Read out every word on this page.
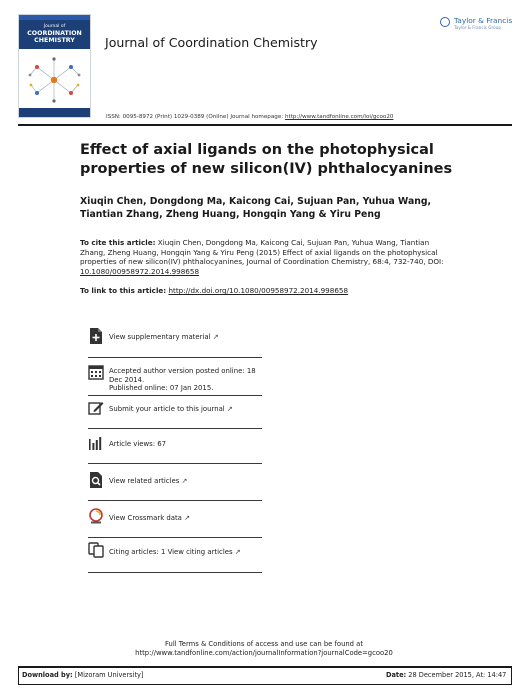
Journal of
COORDINATION CHEMISTRY	Journal of Coordination Chemistry
Taylor & Francis
Taylor & Francis Group
ISSN: 0095-8972 (Print) 1029-0389 (Online) Journal homepage: http://www.tandfonline.com/loi/gcoo20
Effect of axial ligands on the photophysical properties of new silicon(IV) phthalocyanines
Xiuqin Chen, Dongdong Ma, Kaicong Cai, Sujuan Pan, Yuhua Wang, Tiantian Zhang, Zheng Huang, Hongqin Yang & Yiru Peng
To cite this article: Xiuqin Chen, Dongdong Ma, Kaicong Cai, Sujuan Pan, Yuhua Wang, Tiantian Zhang, Zheng Huang, Hongqin Yang & Yiru Peng (2015) Effect of axial ligands on the photophysical properties of new silicon(IV) phthalocyanines, Journal of Coordination Chemistry, 68:4, 732-740, DOI: 10.1080/00958972.2014.998658
To link to this article: http://dx.doi.org/10.1080/00958972.2014.998658
View supplementary material ↗
Accepted author version posted online: 18
Dec 2014.
Published online: 07 Jan 2015.
Submit your article to this journal ↗
Article views: 67
View related articles ↗
View Crossmark data ↗
Citing articles: 1 View citing articles ↗
Full Terms & Conditions of access and use can be found at
http://www.tandfonline.com/action/journalInformation?journalCode=gcoo20
Download by: [Mizoram University]	Date: 28 December 2015, At: 14:47
